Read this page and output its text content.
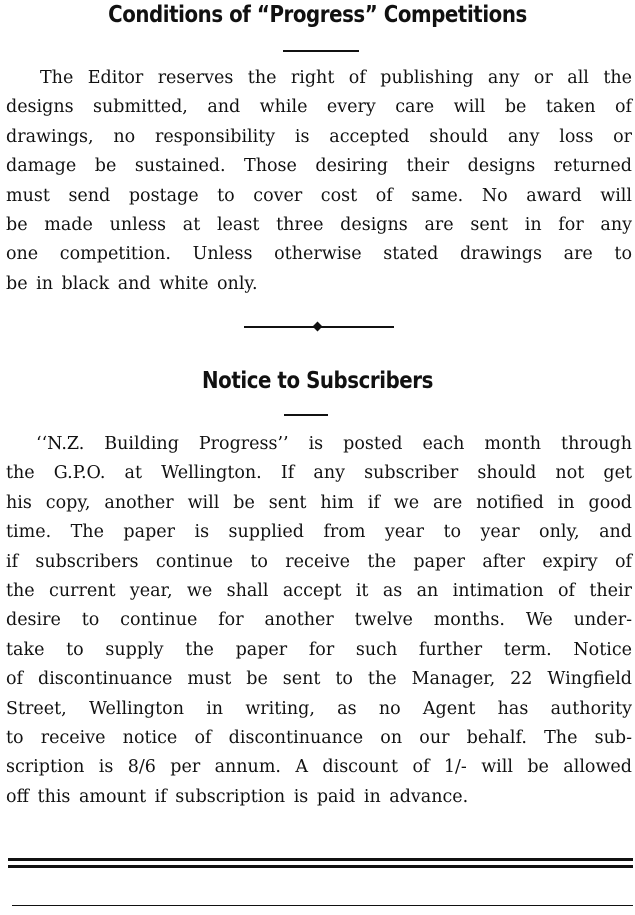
Conditions of “Progress” Competitions
The Editor reserves the right of publishing any or all the
designs submitted, and while every care will be taken of
drawings, no responsibility is accepted should any loss or
damage be sustained. Those desiring their designs returned
must send postage to cover cost of same. No award will
be made unless at least three designs are sent in for any
one competition. Unless otherwise stated drawings are to
be in black and white only.
Notice to Subscribers
‘‘N.Z. Building Progress’’ is posted each month through
the G.P.O. at Wellington. If any subscriber should not get
his copy, another will be sent him if we are notified in good
time. The paper is supplied from year to year only, and
if subscribers continue to receive the paper after expiry of
the current year, we shall accept it as an intimation of their
desire to continue for another twelve months. We under-
take to supply the paper for such further term. Notice
of discontinuance must be sent to the Manager, 22 Wingfield
Street, Wellington in writing, as no Agent has authority
to receive notice of discontinuance on our behalf. The sub-
scription is 8/6 per annum. A discount of 1/- will be allowed
off this amount if subscription is paid in advance.
